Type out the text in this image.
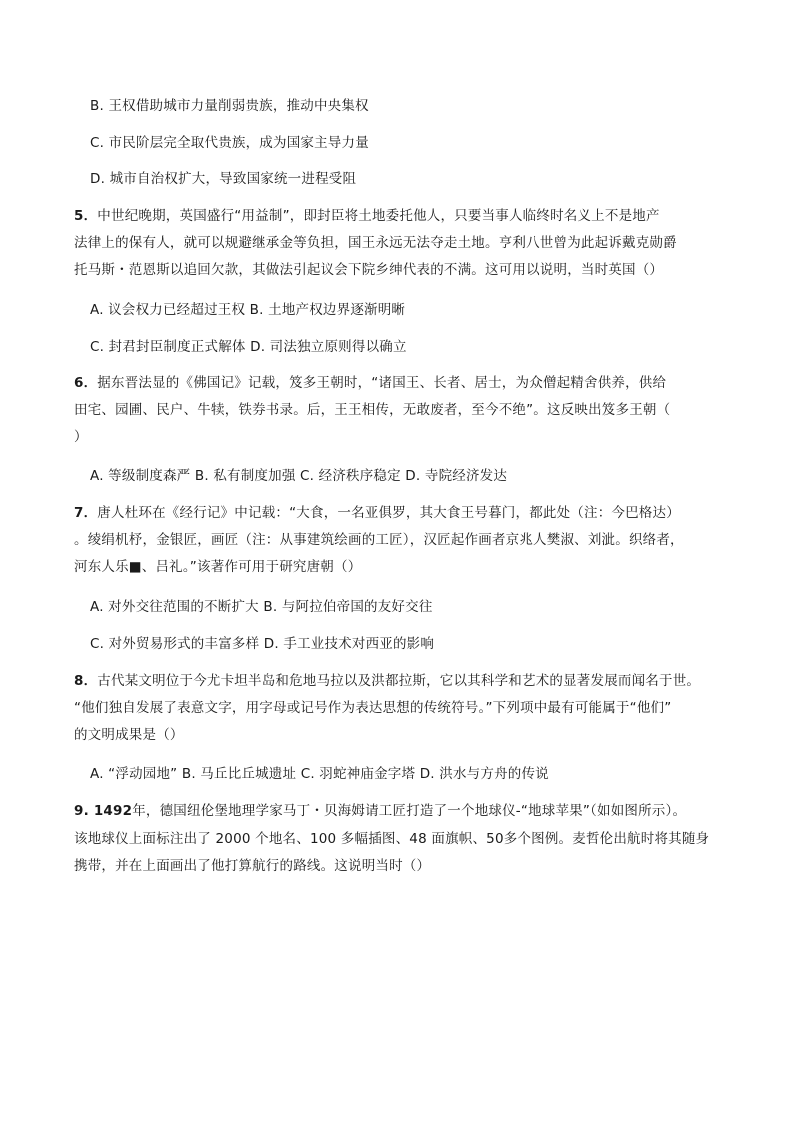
B. 王权借助城市力量削弱贵族，推动中央集权
C. 市民阶层完全取代贵族，成为国家主导力量
D. 城市自治权扩大，导致国家统一进程受阻
5．中世纪晚期，英国盛行“用益制”，即封臣将土地委托他人，只要当事人临终时名义上不是地产
法律上的保有人，就可以规避继承金等负担，国王永远无法夺走土地。亨利八世曾为此起诉戴克勋爵
托马斯・范恩斯以追回欠款，其做法引起议会下院乡绅代表的不满。这可用以说明，当时英国（）
A. 议会权力已经超过王权 B. 土地产权边界逐渐明晰
C. 封君封臣制度正式解体 D. 司法独立原则得以确立
6．据东晋法显的《佛国记》记载，笈多王朝时，“诸国王、长者、居士，为众僧起精舍供养，供给
田宅、园圃、民户、牛犊，铁券书录。后，王王相传，无敢废者，至今不绝”。这反映出笈多王朝（
）
A. 等级制度森严 B. 私有制度加强 C. 经济秩序稳定 D. 寺院经济发达
7．唐人杜环在《经行记》中记载：“大食，一名亚俱罗，其大食王号暮门，都此处（注：今巴格达）
。绫绢机杼，金银匠，画匠（注：从事建筑绘画的工匠），汉匠起作画者京兆人樊淑、刘泚。织络者，
河东人乐■、吕礼。”该著作可用于研究唐朝（）
A. 对外交往范围的不断扩大 B. 与阿拉伯帝国的友好交往
C. 对外贸易形式的丰富多样 D. 手工业技术对西亚的影响
8．古代某文明位于今尤卡坦半岛和危地马拉以及洪都拉斯，它以其科学和艺术的显著发展而闻名于世。
“他们独自发展了表意文字，用字母或记号作为表达思想的传统符号。”下列项中最有可能属于“他们”
的文明成果是（）
A. “浮动园地” B. 马丘比丘城遗址 C. 羽蛇神庙金字塔 D. 洪水与方舟的传说
9. 1492年，德国纽伦堡地理学家马丁・贝海姆请工匠打造了一个地球仪-“地球苹果”（如如图所示）。
该地球仪上面标注出了 2000 个地名、100 多幅插图、48 面旗帜、50多个图例。麦哲伦出航时将其随身
携带，并在上面画出了他打算航行的路线。这说明当时（）
